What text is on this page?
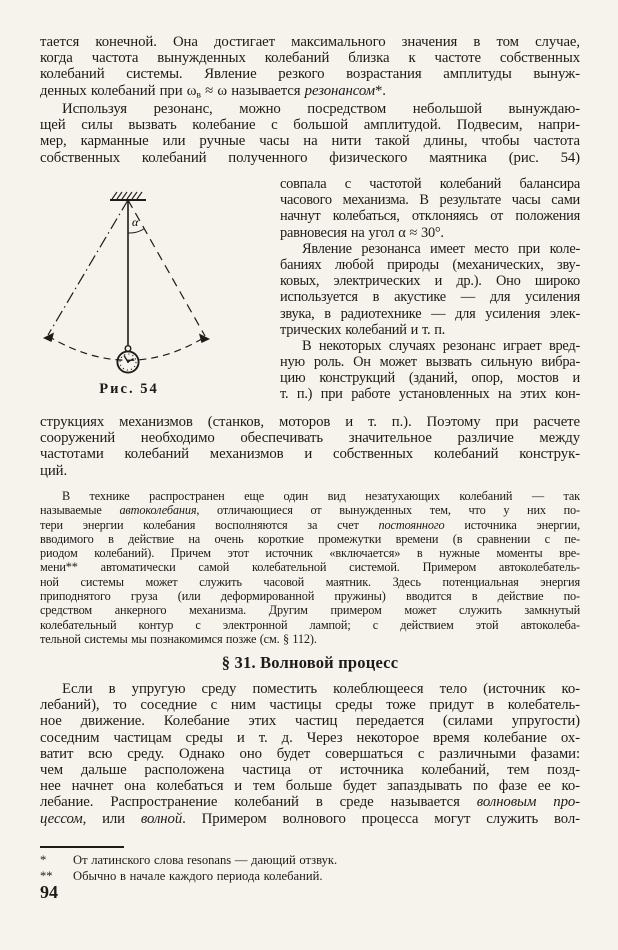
тается конечной. Она достигает максимального значения в том случае,
когда частота вынужденных колебаний близка к частоте собственных
колебаний системы. Явление резкого возрастания амплитуды вынуж-
денных колебаний при $\omega_в \approx \omega$ называется резонансом*.
Используя резонанс, можно посредством небольшой вынуждаю-
щей силы вызвать колебание с большой амплитудой. Подвесим, напри-
мер, карманные или ручные часы на нити такой длины, чтобы частота
собственных колебаний полученного физического маятника (рис. 54)
α
Рис. 54
совпала с частотой колебаний балансира
часового механизма. В результате часы сами
начнут колебаться, отклоняясь от положения
равновесия на угол α ≈ 30°.
Явление резонанса имеет место при коле-
баниях любой природы (механических, зву-
ковых, электрических и др.). Оно широко
используется в акустике — для усиления
звука, в радиотехнике — для усиления элек-
трических колебаний и т. п.
В некоторых случаях резонанс играет вред-
ную роль. Он может вызвать сильную вибра-
цию конструкций (зданий, опор, мостов и
т. п.) при работе установленных на этих кон-
струкциях механизмов (станков, моторов и т. п.). Поэтому при расчете
сооружений необходимо обеспечивать значительное различие между
частотами колебаний механизмов и собственных колебаний конструк-
ций.
В технике распространен еще один вид незатухающих колебаний — так
называемые автоколебания, отличающиеся от вынужденных тем, что у них по-
тери энергии колебания восполняются за счет постоянного источника энергии,
вводимого в действие на очень короткие промежутки времени (в сравнении с пе-
риодом колебаний). Причем этот источник «включается» в нужные моменты вре-
мени** автоматически самой колебательной системой. Примером автоколебатель-
ной системы может служить часовой маятник. Здесь потенциальная энергия
приподнятого груза (или деформированной пружины) вводится в действие по-
средством анкерного механизма. Другим примером может служить замкнутый
колебательный контур с электронной лампой; с действием этой автоколеба-
тельной системы мы познакомимся позже (см. § 112).
§ 31. Волновой процесс
Если в упругую среду поместить колеблющееся тело (источник ко-
лебаний), то соседние с ним частицы среды тоже придут в колебатель-
ное движение. Колебание этих частиц передается (силами упругости)
соседним частицам среды и т. д. Через некоторое время колебание ох-
ватит всю среду. Однако оно будет совершаться с различными фазами:
чем дальше расположена частица от источника колебаний, тем позд-
нее начнет она колебаться и тем больше будет запаздывать по фазе ее ко-
лебание. Распространение колебаний в среде называется волновым про-
цессом, или волной. Примером волнового процесса могут служить вол-
* От латинского слова resonans — дающий отзвук.
** Обычно в начале каждого периода колебаний.
94
